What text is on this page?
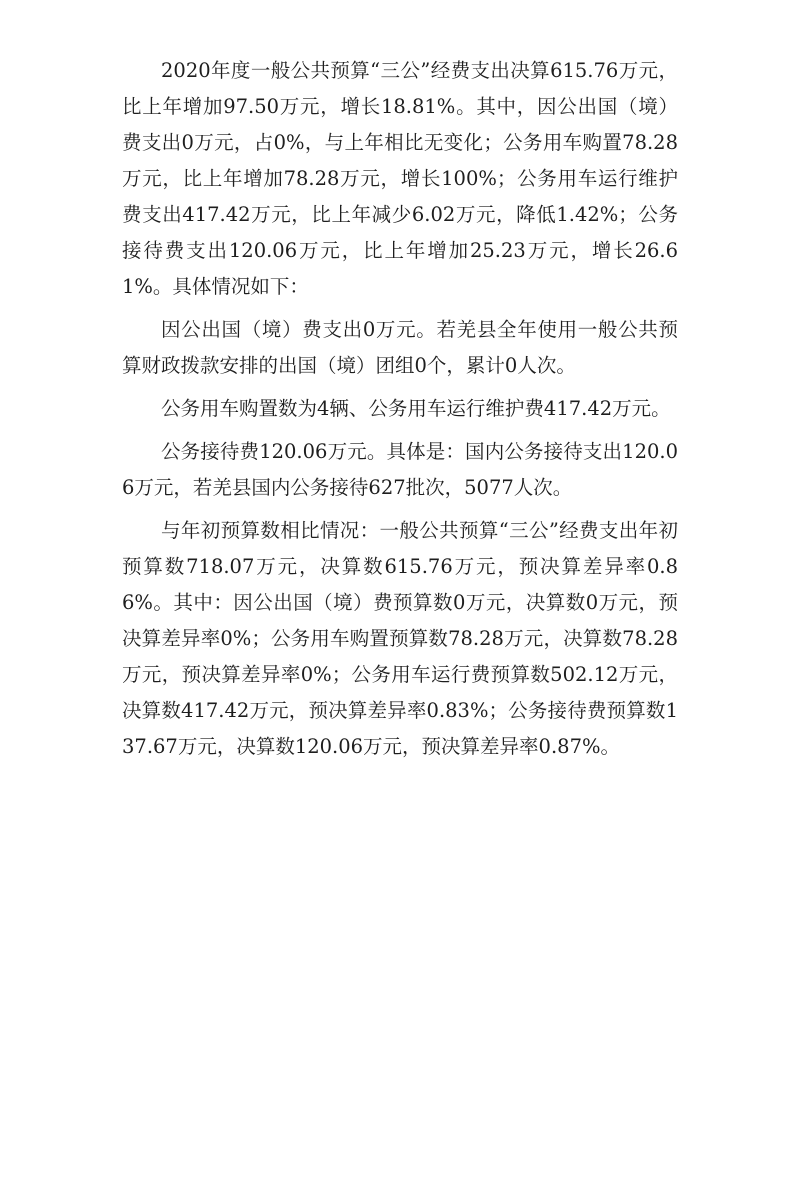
2020年度一般公共预算“三公”经费支出决算615.76万元，比上年增加97.50万元，增长18.81%。其中，因公出国（境）费支出0万元，占0%，与上年相比无变化；公务用车购置78.28万元，比上年增加78.28万元，增长100%；公务用车运行维护费支出417.42万元，比上年减少6.02万元，降低1.42%；公务接待费支出120.06万元，比上年增加25.23万元，增长26.61%。具体情况如下：

因公出国（境）费支出0万元。若羌县全年使用一般公共预算财政拨款安排的出国（境）团组0个，累计0人次。

公务用车购置数为4辆、公务用车运行维护费417.42万元。

公务接待费120.06万元。具体是：国内公务接待支出120.06万元，若羌县国内公务接待627批次，5077人次。

与年初预算数相比情况：一般公共预算“三公”经费支出年初预算数718.07万元，决算数615.76万元，预决算差异率0.86%。其中：因公出国（境）费预算数0万元，决算数0万元，预决算差异率0%；公务用车购置预算数78.28万元，决算数78.28万元，预决算差异率0%；公务用车运行费预算数502.12万元，决算数417.42万元，预决算差异率0.83%；公务接待费预算数137.67万元，决算数120.06万元，预决算差异率0.87%。
